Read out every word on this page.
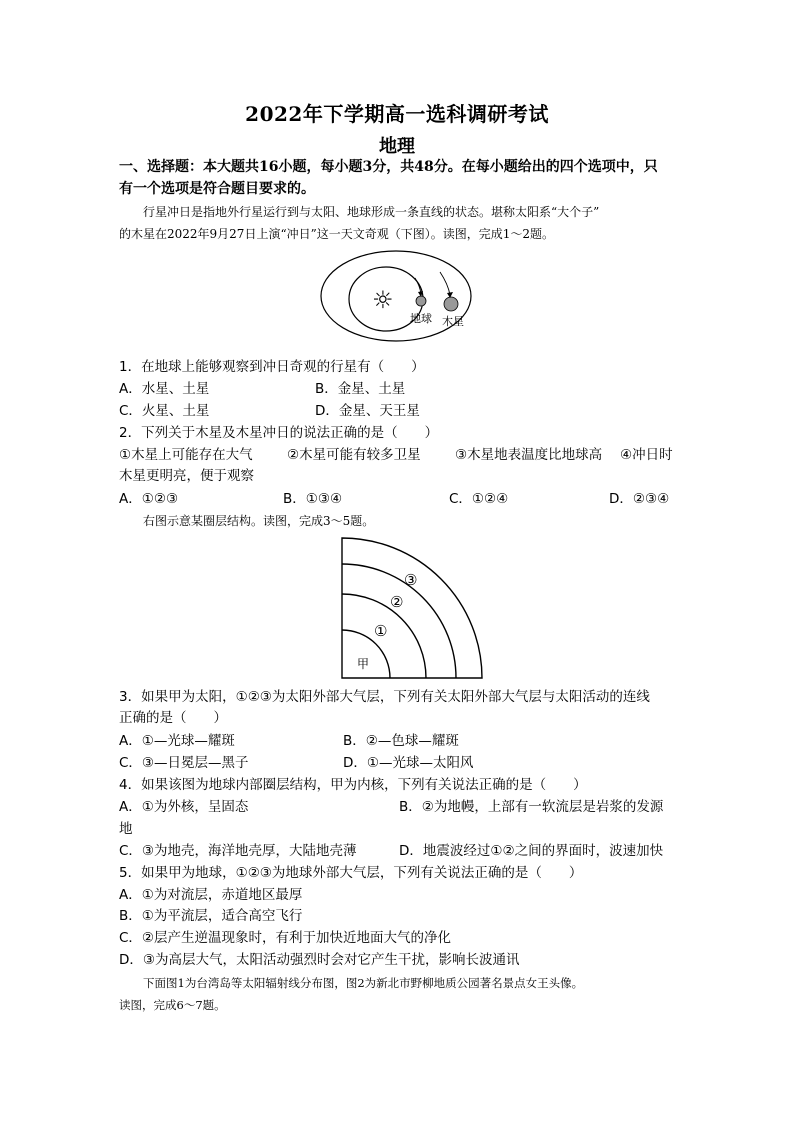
2022年下学期高一选科调研考试
地理
一、选择题：本大题共16小题，每小题3分，共48分。在每小题给出的四个选项中，只
有一个选项是符合题目要求的。
行星冲日是指地外行星运行到与太阳、地球形成一条直线的状态。堪称太阳系“大个子”
的木星在2022年9月27日上演“冲日”这一天文奇观（下图）。读图，完成1～2题。
☼
地球 木星
1．在地球上能够观察到冲日奇观的行星有（　　）
A．水星、土星	B．金星、土星
C．火星、土星	D．金星、天王星
2．下列关于木星及木星冲日的说法正确的是（　　）
①木星上可能存在大气	②木星可能有较多卫星	③木星地表温度比地球高 ④冲日时
木星更明亮，便于观察
A．①②③	B．①③④	C．①②④	D．②③④
右图示意某圈层结构。读图，完成3～5题。
③
②
①
甲
3．如果甲为太阳，①②③为太阳外部大气层，下列有关太阳外部大气层与太阳活动的连线
正确的是（　　）
A．①—光球—耀斑	B．②—色球—耀斑
C．③—日冕层—黑子	D．①—光球—太阳风
4．如果该图为地球内部圈层结构，甲为内核，下列有关说法正确的是（　　）
A．①为外核，呈固态	B．②为地幔，上部有一软流层是岩浆的发源
地
C．③为地壳，海洋地壳厚，大陆地壳薄	D．地震波经过①②之间的界面时，波速加快
5．如果甲为地球，①②③为地球外部大气层，下列有关说法正确的是（　　）
A．①为对流层，赤道地区最厚
B．①为平流层，适合高空飞行
C．②层产生逆温现象时，有利于加快近地面大气的净化
D．③为高层大气，太阳活动强烈时会对它产生干扰，影响长波通讯
下面图1为台湾岛等太阳辐射线分布图，图2为新北市野柳地质公园著名景点女王头像。
读图，完成6～7题。
